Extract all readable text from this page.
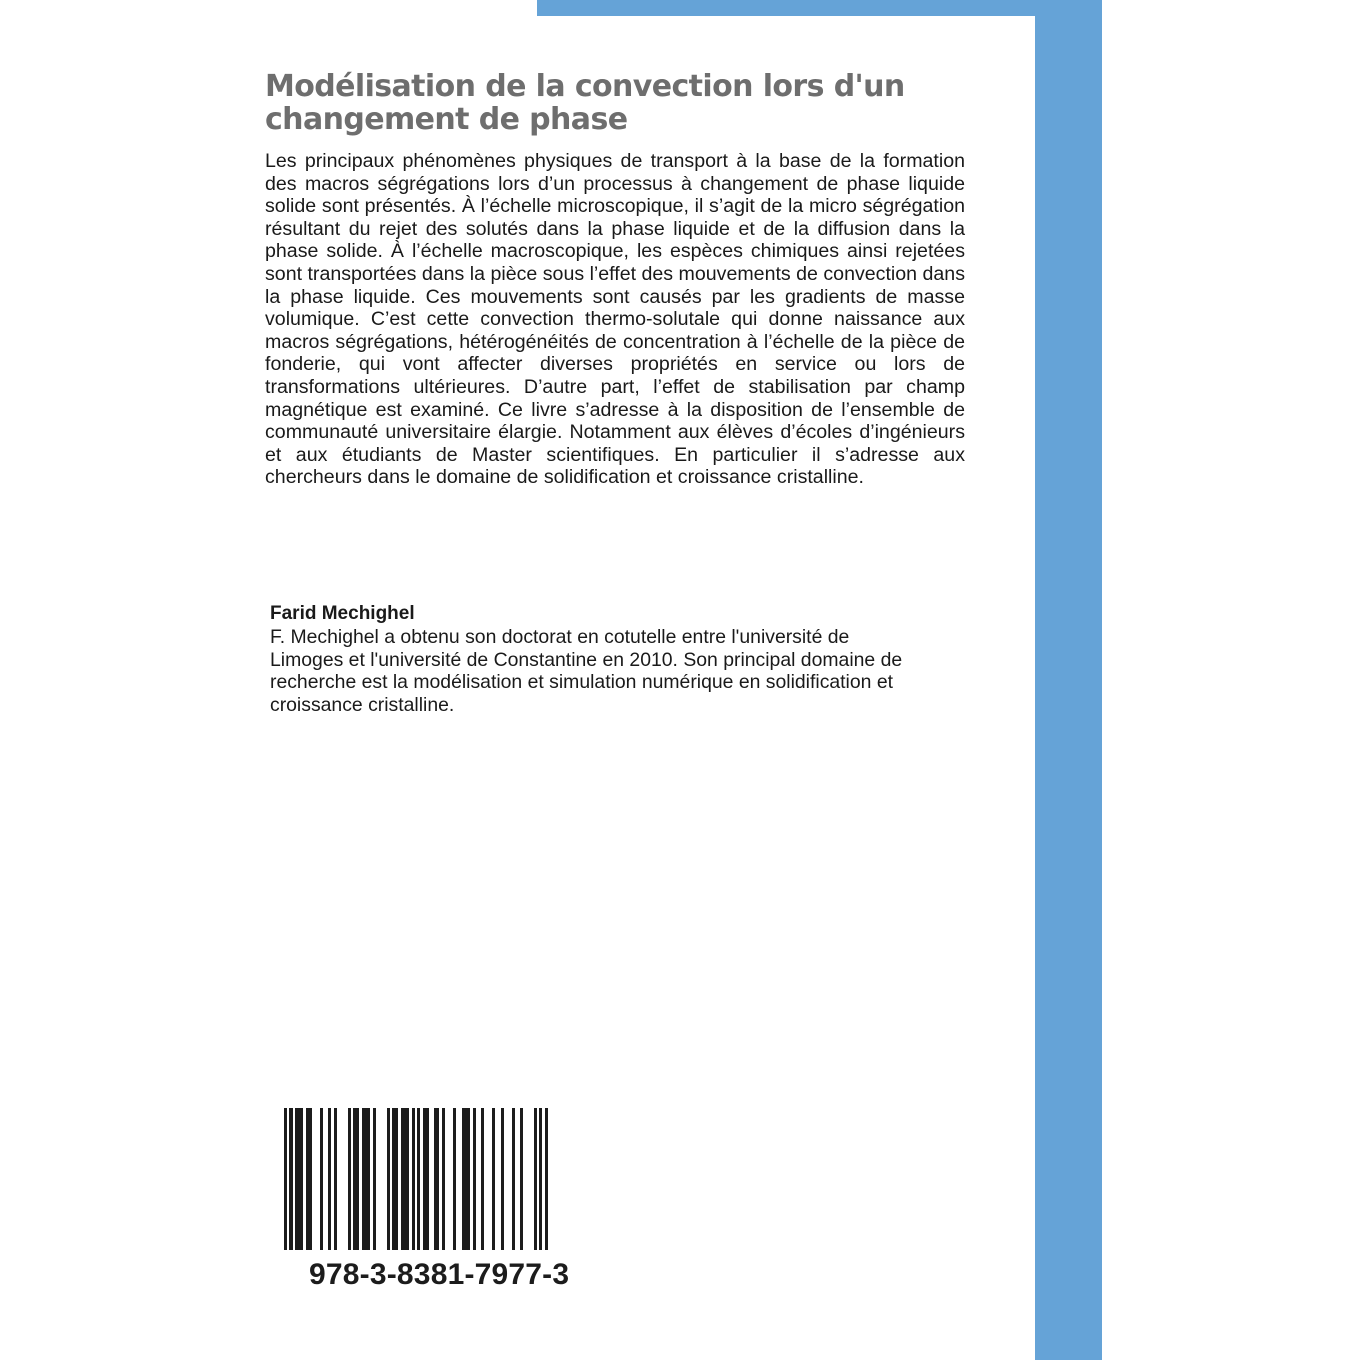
Modélisation de la convection lors d'un
changement de phase

Les principaux phénomènes physiques de transport à la base de la formation des macros ségrégations lors d’un processus à changement de phase liquide solide sont présentés. À l’échelle microscopique, il s’agit de la micro ségrégation résultant du rejet des solutés dans la phase liquide et de la diffusion dans la phase solide. À l’échelle macroscopique, les espèces chimiques ainsi rejetées sont transportées dans la pièce sous l’effet des mouvements de convection dans la phase liquide. Ces mouvements sont causés par les gradients de masse volumique. C’est cette convection thermo-solutale qui donne naissance aux macros ségrégations, hétérogénéités de concentration à l’échelle de la pièce de fonderie, qui vont affecter diverses propriétés en service ou lors de transformations ultérieures. D’autre part, l’effet de stabilisation par champ magnétique est examiné. Ce livre s’adresse à la disposition de l’ensemble de communauté universitaire élargie. Notamment aux élèves d’écoles d’ingénieurs et aux étudiants de Master scientifiques. En particulier il s’adresse aux chercheurs dans le domaine de solidification et croissance cristalline.

Farid Mechighel
F. Mechighel a obtenu son doctorat en cotutelle entre l'université de
Limoges et l'université de Constantine en 2010. Son principal domaine de
recherche est la modélisation et simulation numérique en solidification et
croissance cristalline.
978-3-8381-7977-3
